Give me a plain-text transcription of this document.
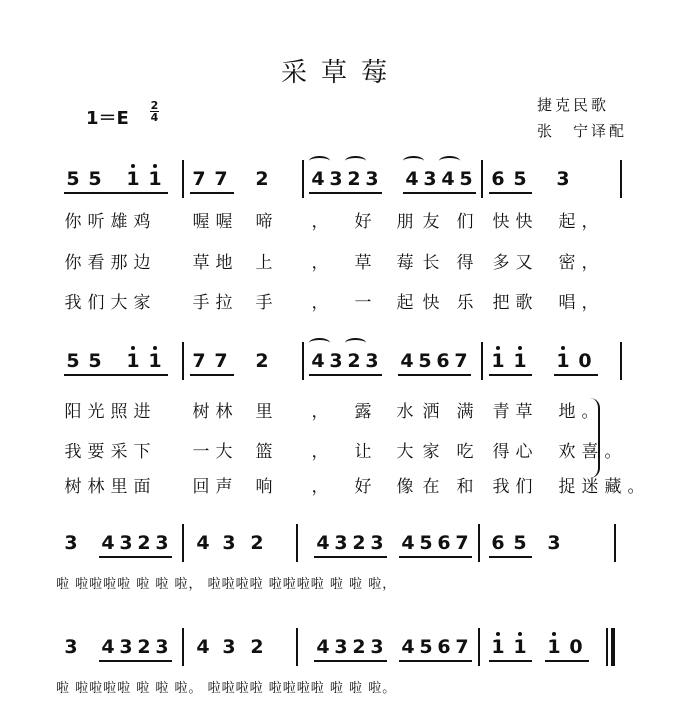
采草莓
1＝E
2
4
捷克民歌
张　宁译配
5 5 1 1 7 7 2 4 3 2 3 4 3 4 5 6 5 3
你 听 雄 鸡 喔 喔 啼 ， 好 朋 友 们 快 快 起 ，
你 看 那 边 草 地 上 ， 草 莓 长 得 多 又 密 ，
我 们 大 家 手 拉 手 ， 一 起 快 乐 把 歌 唱 ，
5 5 1 1 7 7 2 4 3 2 3 4 5 6 7 1 1 1 0
阳 光 照 进 树 林 里 ， 露 水 洒 满 青 草 地 。
我 要 采 下 一 大 篮 ， 让 大 家 吃 得 心 欢 喜 。
树 林 里 面 回 声 响 ， 好 像 在 和 我 们 捉 迷 藏 。
3 4 3 2 3 4 3 2	4 3 2 3 4 5 6 7 6 5 3
啦 啦啦啦啦 啦 啦 啦， 啦啦啦啦 啦啦啦啦 啦 啦 啦，
3 4 3 2 3 4 3 2	4 3 2 3 4 5 6 7 1 1 1 0
啦 啦啦啦啦 啦 啦 啦。 啦啦啦啦 啦啦啦啦 啦 啦 啦。
